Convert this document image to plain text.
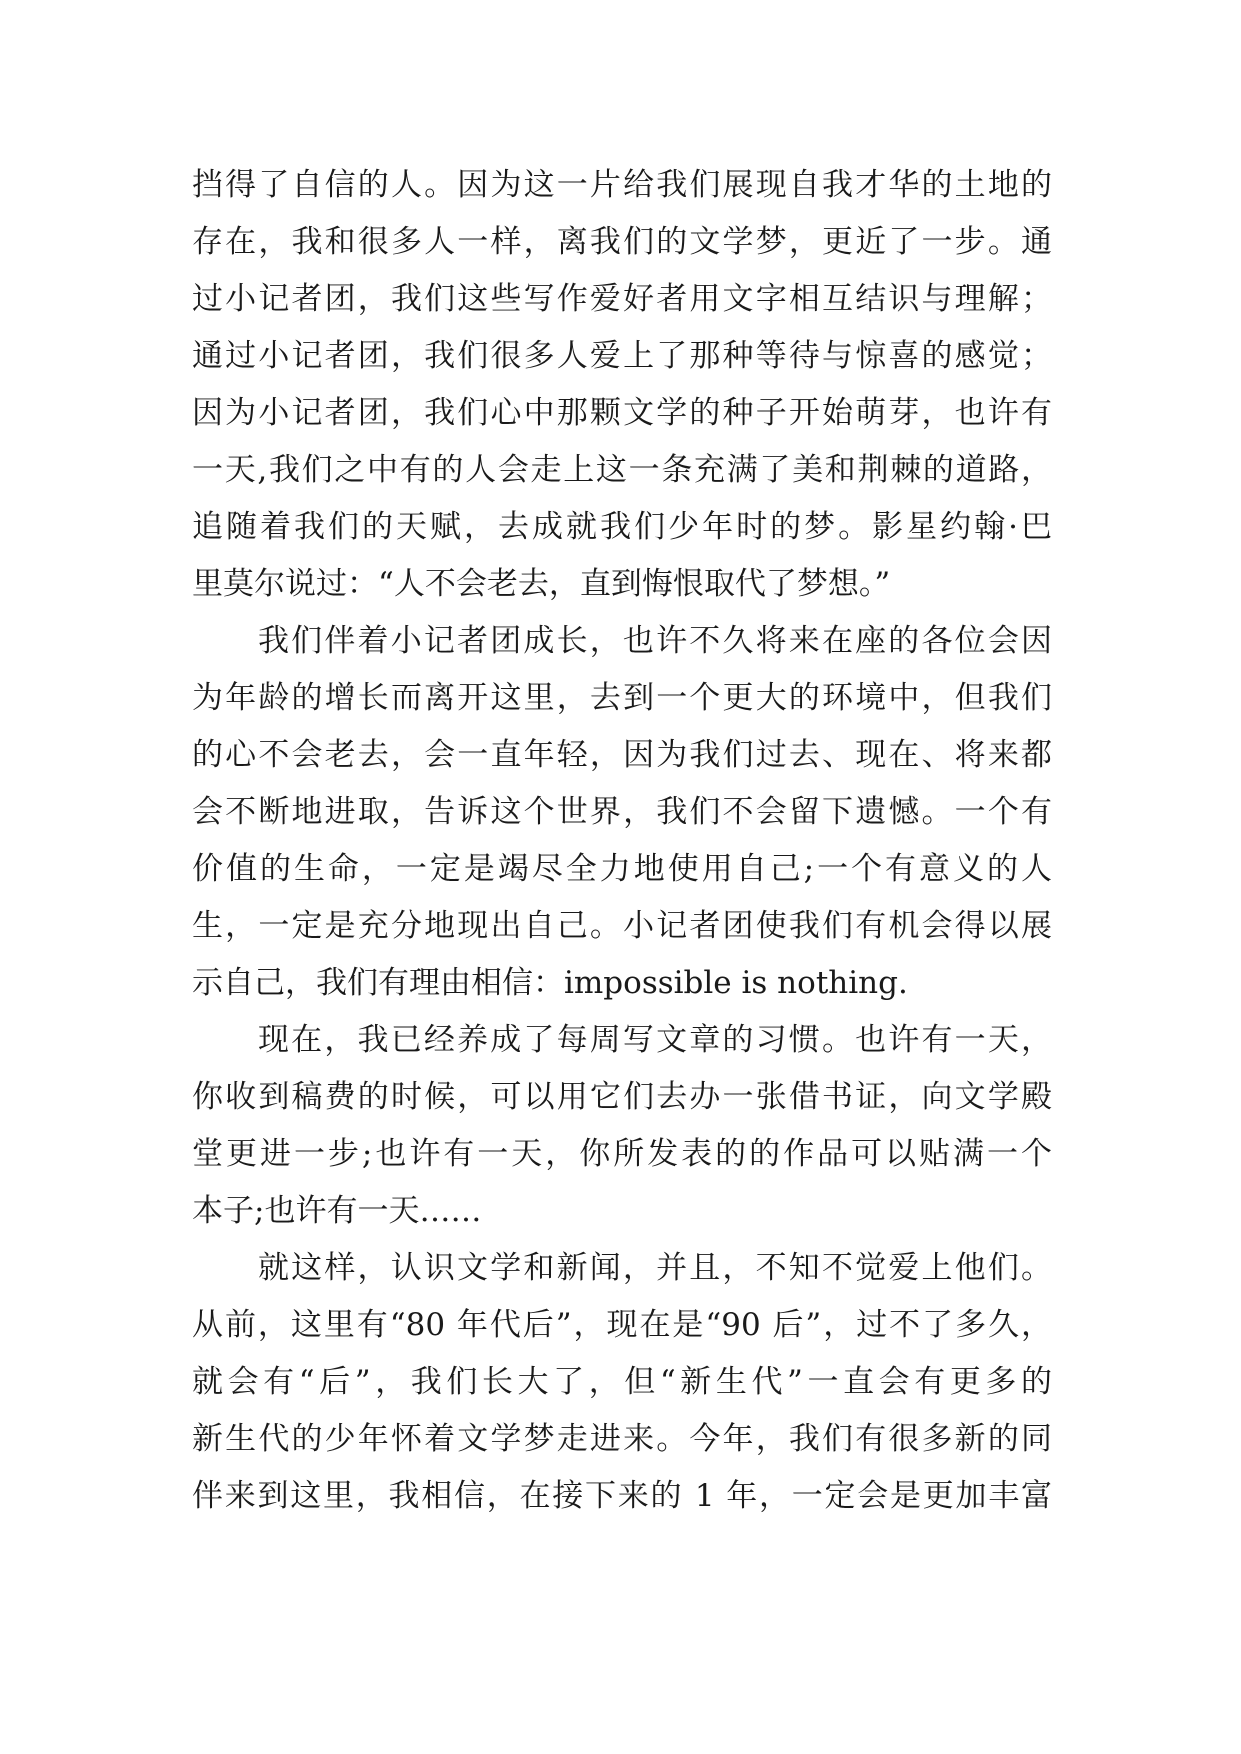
挡得了自信的人。因为这一片给我们展现自我才华的土地的
存在，我和很多人一样，离我们的文学梦，更近了一步。通
过小记者团，我们这些写作爱好者用文字相互结识与理解；
通过小记者团，我们很多人爱上了那种等待与惊喜的感觉；
因为小记者团，我们心中那颗文学的种子开始萌芽，也许有
一天,我们之中有的人会走上这一条充满了美和荆棘的道路，
追随着我们的天赋，去成就我们少年时的梦。影星约翰·巴
里莫尔说过：“人不会老去，直到悔恨取代了梦想。”
我们伴着小记者团成长，也许不久将来在座的各位会因
为年龄的增长而离开这里，去到一个更大的环境中，但我们
的心不会老去，会一直年轻，因为我们过去、现在、将来都
会不断地进取，告诉这个世界，我们不会留下遗憾。一个有
价值的生命，一定是竭尽全力地使用自己;一个有意义的人
生，一定是充分地现出自己。小记者团使我们有机会得以展
示自己，我们有理由相信：impossible is nothing.
现在，我已经养成了每周写文章的习惯。也许有一天，
你收到稿费的时候，可以用它们去办一张借书证，向文学殿
堂更进一步;也许有一天，你所发表的的作品可以贴满一个
本子;也许有一天……
就这样，认识文学和新闻，并且，不知不觉爱上他们。
从前，这里有“80 年代后”，现在是“90 后”，过不了多久，
就会有“后”，我们长大了，但“新生代”一直会有更多的
新生代的少年怀着文学梦走进来。今年，我们有很多新的同
伴来到这里，我相信，在接下来的 1 年，一定会是更加丰富
